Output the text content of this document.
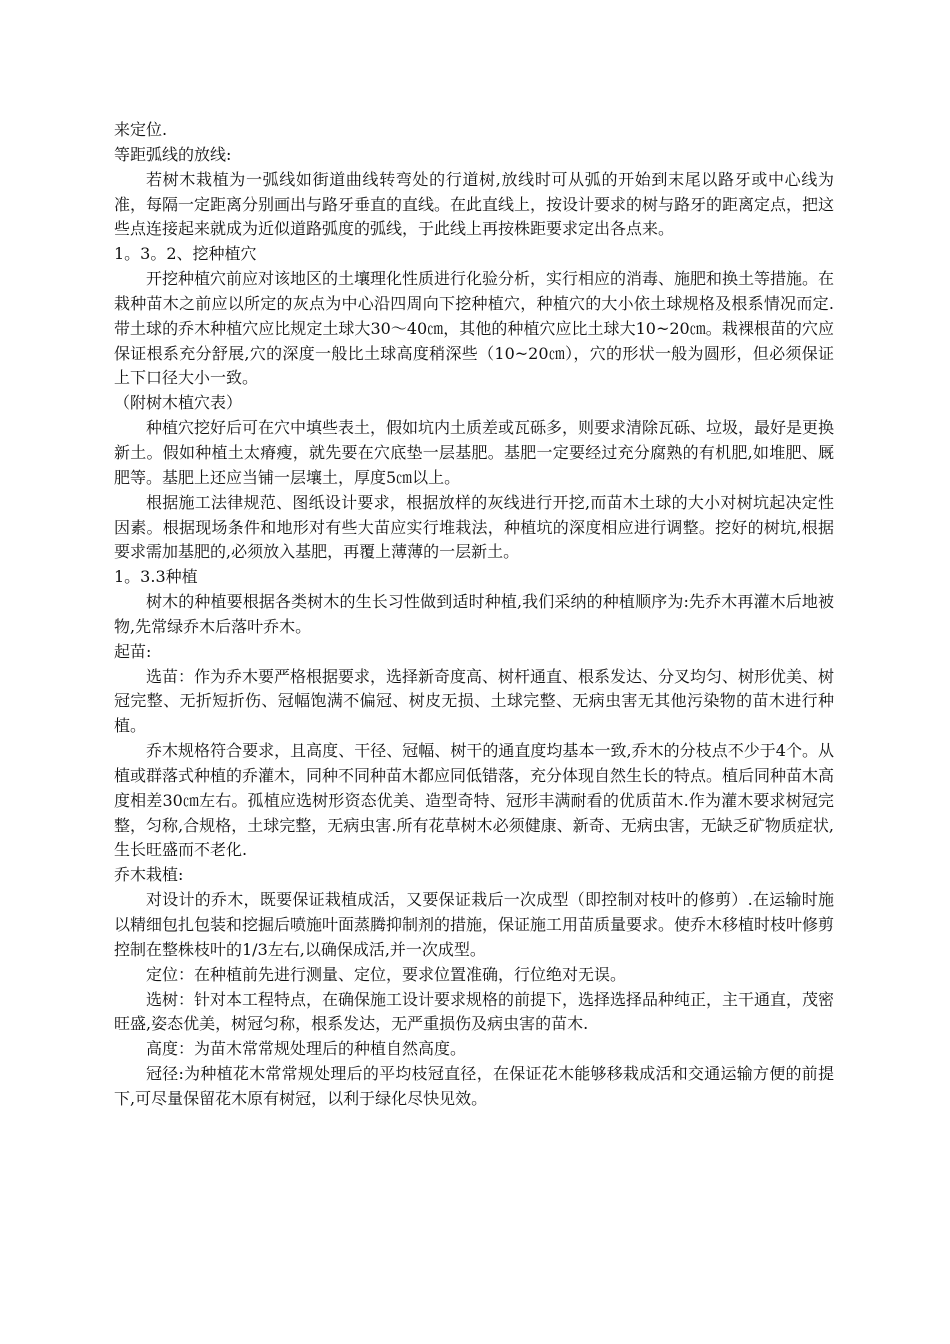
来定位.

等距弧线的放线:

若树木栽植为一弧线如街道曲线转弯处的行道树,放线时可从弧的开始到末尾以路牙或中心线为准，每隔一定距离分别画出与路牙垂直的直线。在此直线上，按设计要求的树与路牙的距离定点，把这些点连接起来就成为近似道路弧度的弧线，于此线上再按株距要求定出各点来。

1。3。2、挖种植穴

开挖种植穴前应对该地区的土壤理化性质进行化验分析，实行相应的消毒、施肥和换土等措施。在栽种苗木之前应以所定的灰点为中心沿四周向下挖种植穴，种植穴的大小依土球规格及根系情况而定.带土球的乔木种植穴应比规定土球大30～40㎝，其他的种植穴应比土球大10~20㎝。栽裸根苗的穴应保证根系充分舒展,穴的深度一般比土球高度稍深些（10~20㎝），穴的形状一般为圆形，但必须保证上下口径大小一致。

（附树木植穴表）

种植穴挖好后可在穴中填些表土，假如坑内土质差或瓦砾多，则要求清除瓦砾、垃圾，最好是更换新土。假如种植土太瘠瘦，就先要在穴底垫一层基肥。基肥一定要经过充分腐熟的有机肥,如堆肥、厩肥等。基肥上还应当铺一层壤土，厚度5㎝以上。

根据施工法律规范、图纸设计要求，根据放样的灰线进行开挖,而苗木土球的大小对树坑起决定性因素。根据现场条件和地形对有些大苗应实行堆栽法，种植坑的深度相应进行调整。挖好的树坑,根据要求需加基肥的,必须放入基肥，再覆上薄薄的一层新土。

1。3.3种植

树木的种植要根据各类树木的生长习性做到适时种植,我们采纳的种植顺序为:先乔木再灌木后地被物,先常绿乔木后落叶乔木。

起苗:

选苗：作为乔木要严格根据要求，选择新奇度高、树杆通直、根系发达、分叉均匀、树形优美、树冠完整、无折短折伤、冠幅饱满不偏冠、树皮无损、土球完整、无病虫害无其他污染物的苗木进行种植。

乔木规格符合要求，且高度、干径、冠幅、树干的通直度均基本一致,乔木的分枝点不少于4个。从植或群落式种植的乔灌木，同种不同种苗木都应同低错落，充分体现自然生长的特点。植后同种苗木高度相差30㎝左右。孤植应选树形资态优美、造型奇特、冠形丰满耐看的优质苗木.作为灌木要求树冠完整，匀称,合规格，土球完整，无病虫害.所有花草树木必须健康、新奇、无病虫害，无缺乏矿物质症状,生长旺盛而不老化.

乔木栽植:

对设计的乔木，既要保证栽植成活，又要保证栽后一次成型（即控制对枝叶的修剪）.在运输时施以精细包扎包装和挖掘后喷施叶面蒸腾抑制剂的措施，保证施工用苗质量要求。使乔木移植时枝叶修剪控制在整株枝叶的1/3左右,以确保成活,并一次成型。

定位：在种植前先进行测量、定位，要求位置准确，行位绝对无误。

选树：针对本工程特点，在确保施工设计要求规格的前提下，选择选择品种纯正，主干通直，茂密旺盛,姿态优美，树冠匀称，根系发达，无严重损伤及病虫害的苗木.

高度：为苗木常常规处理后的种植自然高度。

冠径:为种植花木常常规处理后的平均枝冠直径，在保证花木能够移栽成活和交通运输方便的前提下,可尽量保留花木原有树冠，以利于绿化尽快见效。
